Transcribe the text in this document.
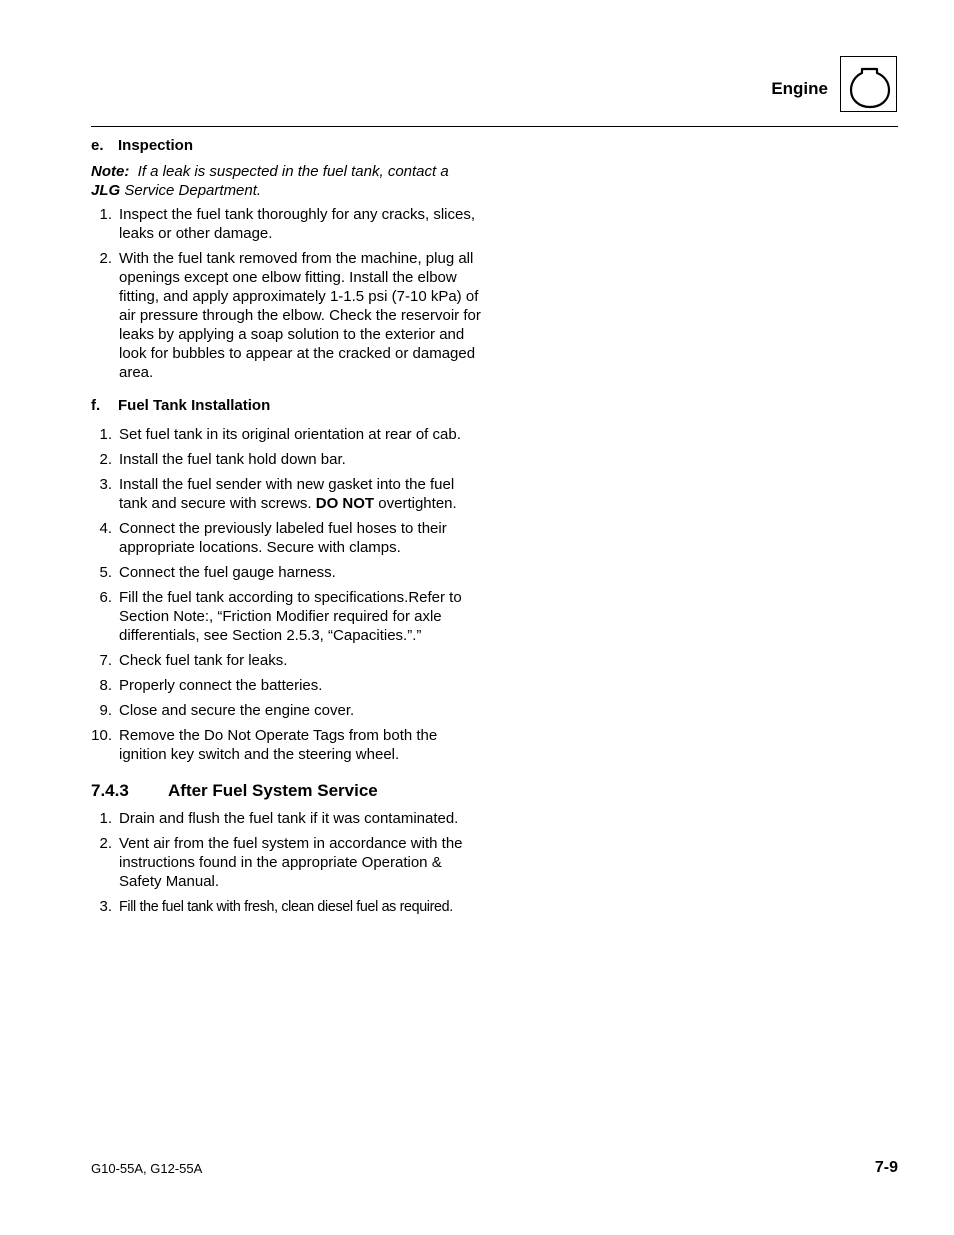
Engine
e. Inspection
Note: If a leak is suspected in the fuel tank, contact a
JLG Service Department.
1. Inspect the fuel tank thoroughly for any cracks, slices, leaks or other damage.
2. With the fuel tank removed from the machine, plug all openings except one elbow fitting. Install the elbow fitting, and apply approximately 1-1.5 psi (7-10 kPa) of air pressure through the elbow. Check the reservoir for leaks by applying a soap solution to the exterior and look for bubbles to appear at the cracked or damaged area.
f. Fuel Tank Installation
1. Set fuel tank in its original orientation at rear of cab.
2. Install the fuel tank hold down bar.
3. Install the fuel sender with new gasket into the fuel tank and secure with screws. DO NOT overtighten.
4. Connect the previously labeled fuel hoses to their appropriate locations. Secure with clamps.
5. Connect the fuel gauge harness.
6. Fill the fuel tank according to specifications.Refer to Section Note:, “Friction Modifier required for axle differentials, see Section 2.5.3, “Capacities.”.”
7. Check fuel tank for leaks.
8. Properly connect the batteries.
9. Close and secure the engine cover.
10. Remove the Do Not Operate Tags from both the ignition key switch and the steering wheel.
7.4.3 After Fuel System Service
1. Drain and flush the fuel tank if it was contaminated.
2. Vent air from the fuel system in accordance with the instructions found in the appropriate Operation & Safety Manual.
3. Fill the fuel tank with fresh, clean diesel fuel as required.
G10-55A, G12-55A	7-9
